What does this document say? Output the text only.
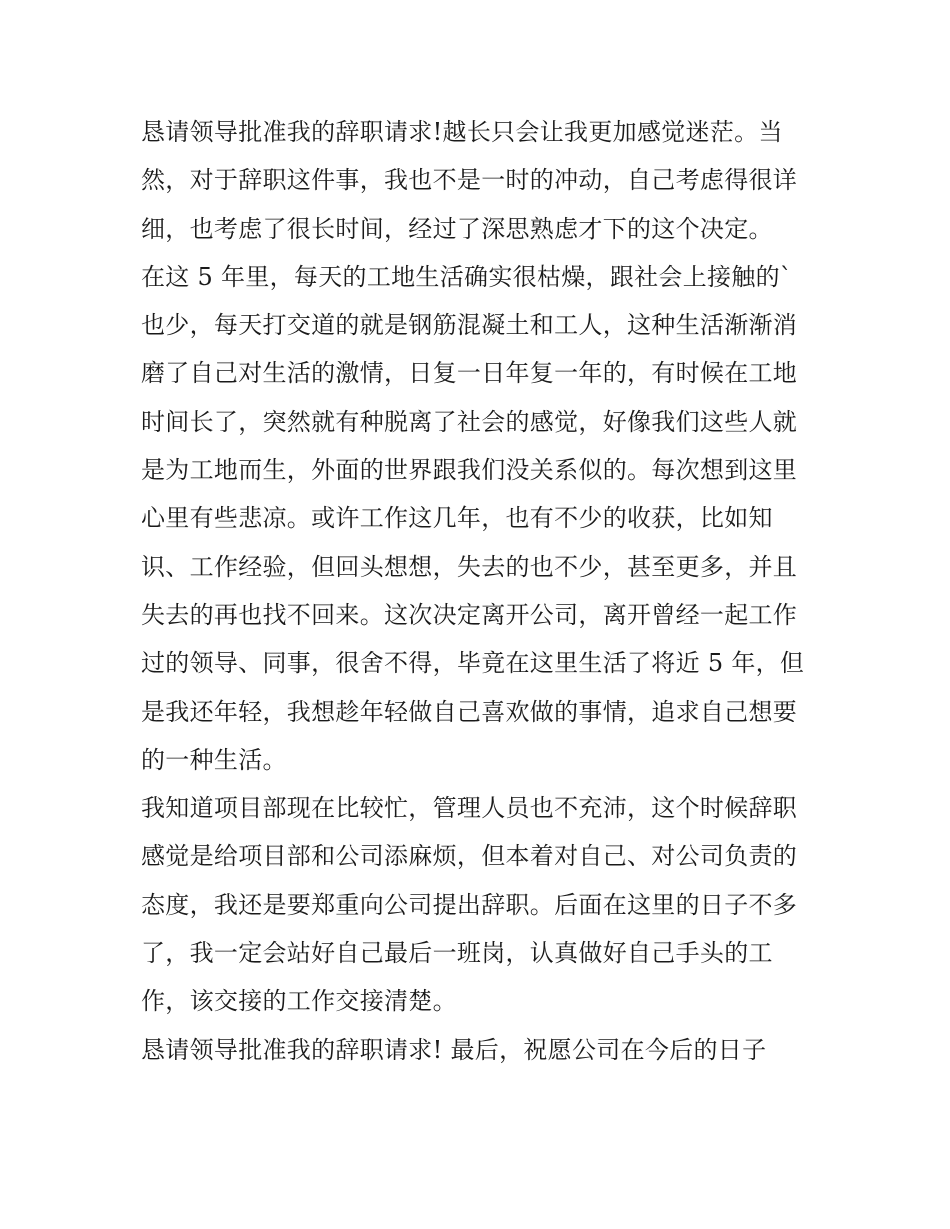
恳请领导批准我的辞职请求!越长只会让我更加感觉迷茫。当
然，对于辞职这件事，我也不是一时的冲动，自己考虑得很详
细，也考虑了很长时间，经过了深思熟虑才下的这个决定。
在这 5 年里，每天的工地生活确实很枯燥，跟社会上接触的`
也少，每天打交道的就是钢筋混凝土和工人，这种生活渐渐消
磨了自己对生活的激情，日复一日年复一年的，有时候在工地
时间长了，突然就有种脱离了社会的感觉，好像我们这些人就
是为工地而生，外面的世界跟我们没关系似的。每次想到这里
心里有些悲凉。或许工作这几年，也有不少的收获，比如知
识、工作经验，但回头想想，失去的也不少，甚至更多，并且
失去的再也找不回来。这次决定离开公司，离开曾经一起工作
过的领导、同事，很舍不得，毕竟在这里生活了将近 5 年，但
是我还年轻，我想趁年轻做自己喜欢做的事情，追求自己想要
的一种生活。
我知道项目部现在比较忙，管理人员也不充沛，这个时候辞职
感觉是给项目部和公司添麻烦，但本着对自己、对公司负责的
态度，我还是要郑重向公司提出辞职。后面在这里的日子不多
了，我一定会站好自己最后一班岗，认真做好自己手头的工
作，该交接的工作交接清楚。
恳请领导批准我的辞职请求! 最后，祝愿公司在今后的日子
